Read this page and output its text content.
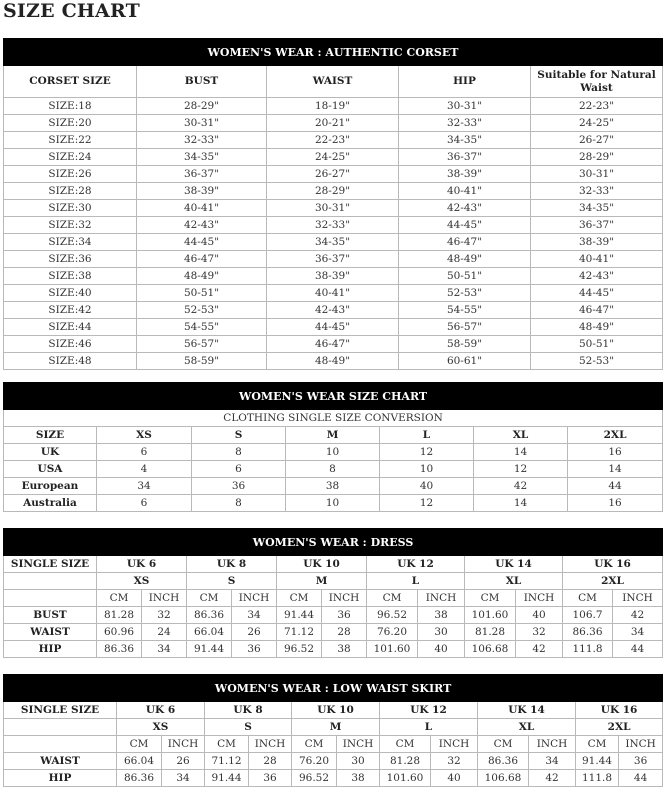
SIZE CHART
WOMEN'S WEAR : AUTHENTIC CORSET				
CORSET SIZE	BUST	WAIST	HIP	Suitable for Natural Waist
SIZE:18	28-29"	18-19"	30-31"	22-23"
SIZE:20	30-31"	20-21"	32-33"	24-25"
SIZE:22	32-33"	22-23"	34-35"	26-27"
SIZE:24	34-35"	24-25"	36-37"	28-29"
SIZE:26	36-37"	26-27"	38-39"	30-31"
SIZE:28	38-39"	28-29"	40-41"	32-33"
SIZE:30	40-41"	30-31"	42-43"	34-35"
SIZE:32	42-43"	32-33"	44-45"	36-37"
SIZE:34	44-45"	34-35"	46-47"	38-39"
SIZE:36	46-47"	36-37"	48-49"	40-41"
SIZE:38	48-49"	38-39"	50-51"	42-43"
SIZE:40	50-51"	40-41"	52-53"	44-45"
SIZE:42	52-53"	42-43"	54-55"	46-47"
SIZE:44	54-55"	44-45"	56-57"	48-49"
SIZE:46	56-57"	46-47"	58-59"	50-51"
SIZE:48	58-59"	48-49"	60-61"	52-53"
WOMEN'S WEAR SIZE CHART						
CLOTHING SINGLE SIZE CONVERSION						
SIZE	XS	S	M	L	XL	2XL
UK	6	8	10	12	14	16
USA	4	6	8	10	12	14
European	34	36	38	40	42	44
Australia	6	8	10	12	14	16
WOMEN'S WEAR : DRESS												
SINGLE SIZE	UK 6		UK 8		UK 10		UK 12		UK 14		UK 16	
	XS		S		M		L		XL		2XL	
	CM	INCH	CM	INCH	CM	INCH	CM	INCH	CM	INCH	CM	INCH
BUST	81.28	32	86.36	34	91.44	36	96.52	38	101.60	40	106.7	42
WAIST	60.96	24	66.04	26	71.12	28	76.20	30	81.28	32	86.36	34
HIP	86.36	34	91.44	36	96.52	38	101.60	40	106.68	42	111.8	44
WOMEN'S WEAR : LOW WAIST SKIRT												
SINGLE SIZE	UK 6		UK 8		UK 10		UK 12		UK 14		UK 16	
	XS		S		M		L		XL		2XL	
	CM	INCH	CM	INCH	CM	INCH	CM	INCH	CM	INCH	CM	INCH
WAIST	66.04	26	71.12	28	76.20	30	81.28	32	86.36	34	91.44	36
HIP	86.36	34	91.44	36	96.52	38	101.60	40	106.68	42	111.8	44
